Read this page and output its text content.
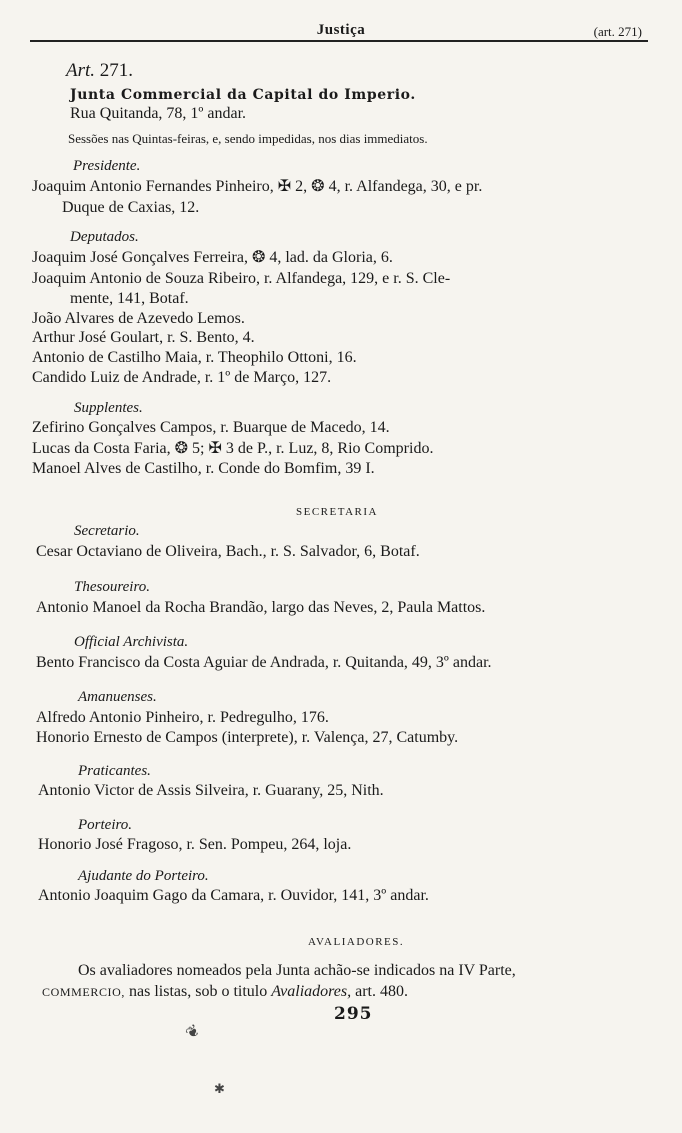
Justiça	(art. 271)
Art. 271.
Junta Commercial da Capital do Imperio.
Rua Quitanda, 78, 1º andar.
Sessões nas Quintas-feiras, e, sendo impedidas, nos dias immediatos.
Presidente.
Joaquim Antonio Fernandes Pinheiro, ✠ 2, ❂ 4, r. Alfandega, 30, e pr.
Duque de Caxias, 12.
Deputados.
Joaquim José Gonçalves Ferreira, ❂ 4, lad. da Gloria, 6.
Joaquim Antonio de Souza Ribeiro, r. Alfandega, 129, e r. S. Cle-
mente, 141, Botaf.
João Alvares de Azevedo Lemos.
Arthur José Goulart, r. S. Bento, 4.
Antonio de Castilho Maia, r. Theophilo Ottoni, 16.
Candido Luiz de Andrade, r. 1º de Março, 127.
Supplentes.
Zefirino Gonçalves Campos, r. Buarque de Macedo, 14.
Lucas da Costa Faria, ❂ 5; ✠ 3 de P., r. Luz, 8, Rio Comprido.
Manoel Alves de Castilho, r. Conde do Bomfim, 39 I.
SECRETARIA
Secretario.
Cesar Octaviano de Oliveira, Bach., r. S. Salvador, 6, Botaf.
Thesoureiro.
Antonio Manoel da Rocha Brandão, largo das Neves, 2, Paula Mattos.
Official Archivista.
Bento Francisco da Costa Aguiar de Andrada, r. Quitanda, 49, 3º andar.
Amanuenses.
Alfredo Antonio Pinheiro, r. Pedregulho, 176.
Honorio Ernesto de Campos (interprete), r. Valença, 27, Catumby.
Praticantes.
Antonio Victor de Assis Silveira, r. Guarany, 25, Nith.
Porteiro.
Honorio José Fragoso, r. Sen. Pompeu, 264, loja.
Ajudante do Porteiro.
Antonio Joaquim Gago da Camara, r. Ouvidor, 141, 3º andar.
AVALIADORES.
Os avaliadores nomeados pela Junta achão-se indicados na IV Parte,
COMMERCIO, nas listas, sob o titulo Avaliadores, art. 480.
295
❦
✱
